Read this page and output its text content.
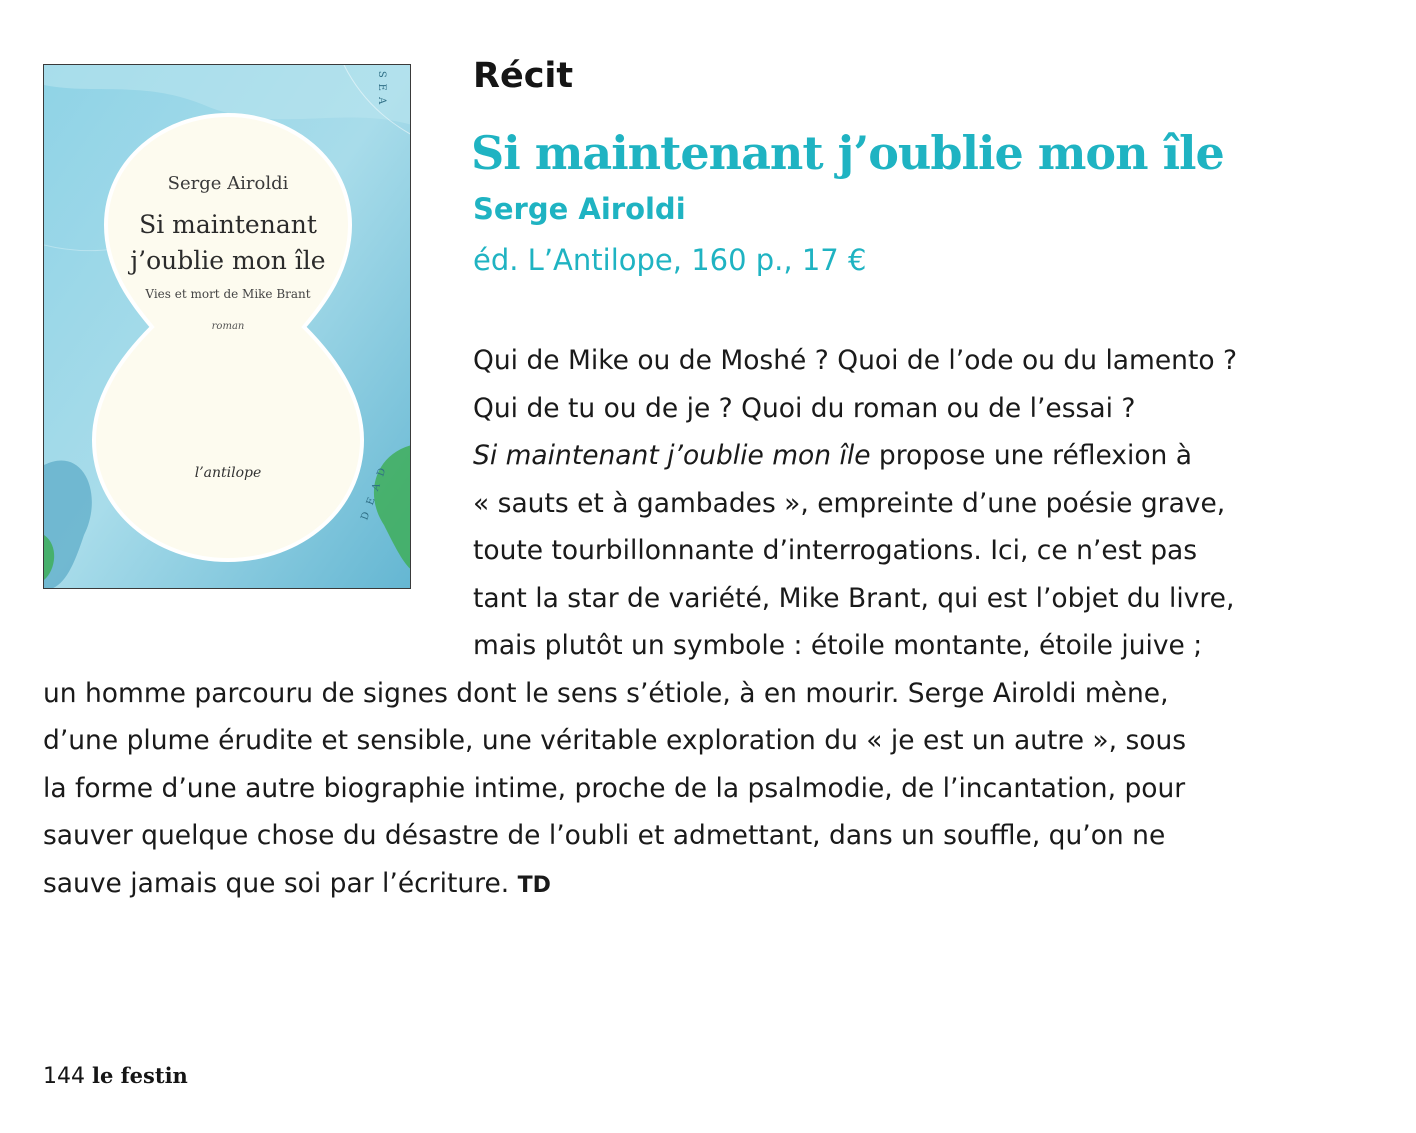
Serge Airoldi
Si maintenant
j’oublie mon île
Vies et mort de Mike Brant
roman
l’antilope
SEA
DEAD
Récit
Si maintenant j’oublie mon île
Serge Airoldi
éd. L’Antilope, 160 p., 17 €
Qui de Mike ou de Moshé ? Quoi de l’ode ou du lamento ?
Qui de tu ou de je ? Quoi du roman ou de l’essai ?
Si maintenant j’oublie mon île propose une réflexion à
« sauts et à gambades », empreinte d’une poésie grave,
toute tourbillonnante d’interrogations. Ici, ce n’est pas
tant la star de variété, Mike Brant, qui est l’objet du livre,
mais plutôt un symbole : étoile montante, étoile juive ;
un homme parcouru de signes dont le sens s’étiole, à en mourir. Serge Airoldi mène,
d’une plume érudite et sensible, une véritable exploration du « je est un autre », sous
la forme d’une autre biographie intime, proche de la psalmodie, de l’incantation, pour
sauver quelque chose du désastre de l’oubli et admettant, dans un souffle, qu’on ne
sauve jamais que soi par l’écriture. TD
144 le festin
